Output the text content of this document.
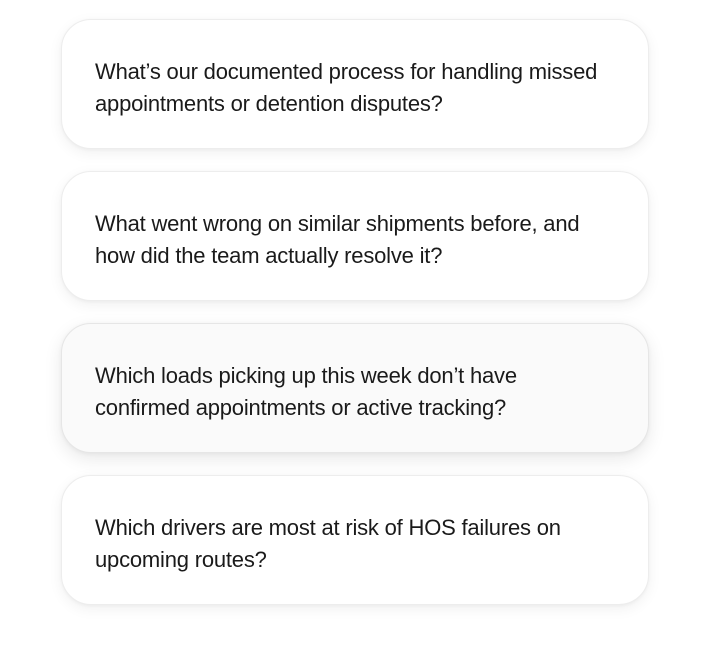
What’s our documented process for handling missed appointments or detention disputes?
What went wrong on similar shipments before, and how did the team actually resolve it?
Which loads picking up this week don’t have confirmed appointments or active tracking?
Which drivers are most at risk of HOS failures on upcoming routes?
